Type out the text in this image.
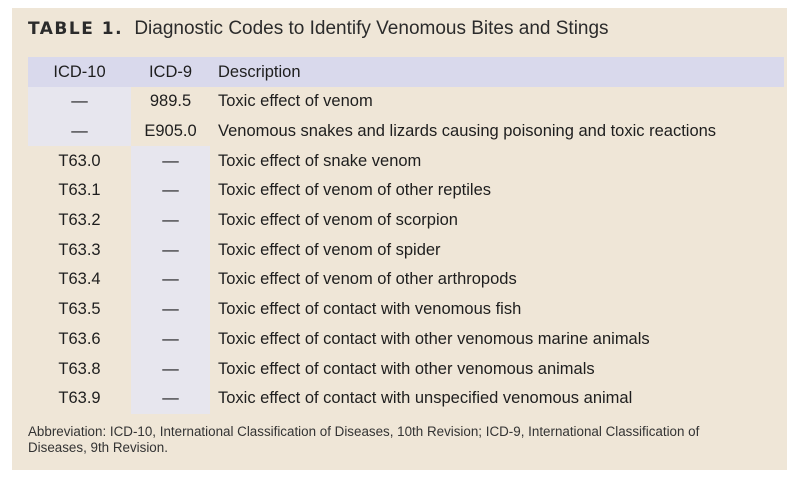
TABLE 1. Diagnostic Codes to Identify Venomous Bites and Stings
ICD-10	ICD-9	Description
—	989.5	Toxic effect of venom
—	E905.0	Venomous snakes and lizards causing poisoning and toxic reactions
T63.0	—	Toxic effect of snake venom
T63.1	—	Toxic effect of venom of other reptiles
T63.2	—	Toxic effect of venom of scorpion
T63.3	—	Toxic effect of venom of spider
T63.4	—	Toxic effect of venom of other arthropods
T63.5	—	Toxic effect of contact with venomous fish
T63.6	—	Toxic effect of contact with other venomous marine animals
T63.8	—	Toxic effect of contact with other venomous animals
T63.9	—	Toxic effect of contact with unspecified venomous animal
Abbreviation: ICD-10, International Classification of Diseases, 10th Revision; ICD-9, International Classification of Diseases, 9th Revision.
